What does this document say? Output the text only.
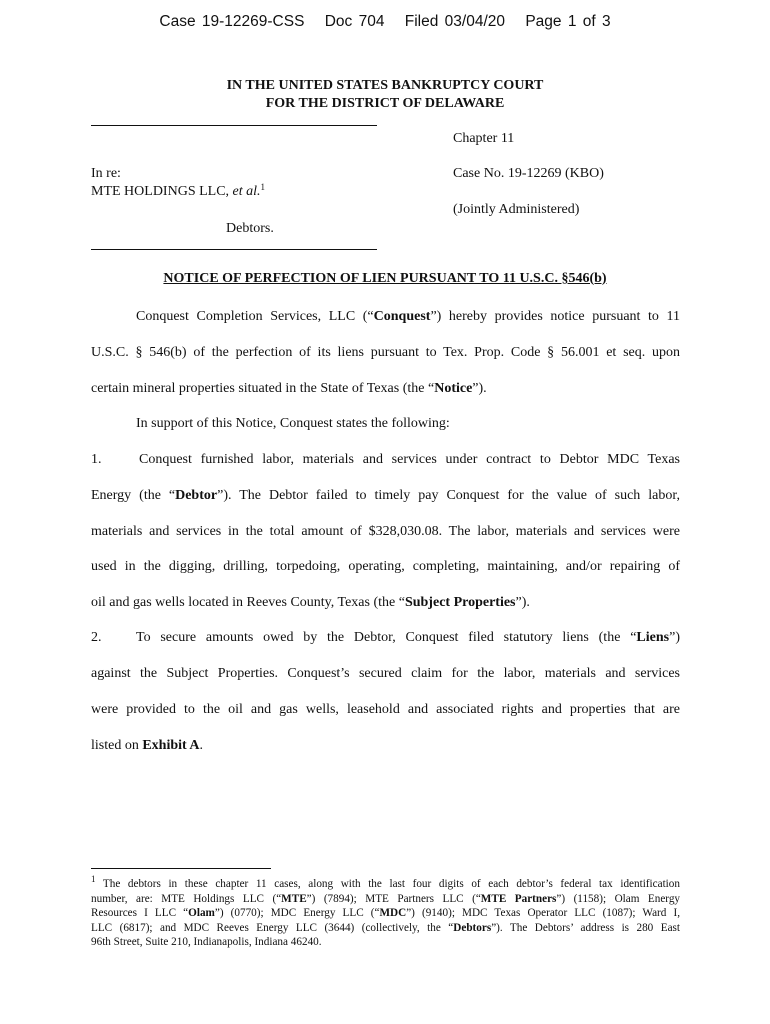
Case 19-12269-CSS Doc 704 Filed 03/04/20 Page 1 of 3
IN THE UNITED STATES BANKRUPTCY COURT
FOR THE DISTRICT OF DELAWARE
Chapter 11
In re:
MTE HOLDINGS LLC, et al.$^1$
Case No. 19-12269 (KBO)
(Jointly Administered)
Debtors.
NOTICE OF PERFECTION OF LIEN PURSUANT TO 11 U.S.C. §546(b)
Conquest Completion Services, LLC (“Conquest”) hereby provides notice pursuant to 11
U.S.C. § 546(b) of the perfection of its liens pursuant to Tex. Prop. Code § 56.001 et seq. upon
certain mineral properties situated in the State of Texas (the “Notice”).
In support of this Notice, Conquest states the following:
1.	Conquest furnished labor, materials and services under contract to Debtor MDC Texas
Energy (the “Debtor”). The Debtor failed to timely pay Conquest for the value of such labor,
materials and services in the total amount of $328,030.08. The labor, materials and services were
used in the digging, drilling, torpedoing, operating, completing, maintaining, and/or repairing of
oil and gas wells located in Reeves County, Texas (the “Subject Properties”).
2. To secure amounts owed by the Debtor, Conquest filed statutory liens (the “Liens”)
against the Subject Properties. Conquest’s secured claim for the labor, materials and services
were provided to the oil and gas wells, leasehold and associated rights and properties that are
listed on Exhibit A.
$^1$ The debtors in these chapter 11 cases, along with the last four digits of each debtor’s federal tax identification
number, are: MTE Holdings LLC (“MTE”) (7894); MTE Partners LLC (“MTE Partners”) (1158); Olam Energy
Resources I LLC “Olam”) (0770); MDC Energy LLC (“MDC”) (9140); MDC Texas Operator LLC (1087); Ward I,
LLC (6817); and MDC Reeves Energy LLC (3644) (collectively, the “Debtors”). The Debtors’ address is 280 East
96th Street, Suite 210, Indianapolis, Indiana 46240.
